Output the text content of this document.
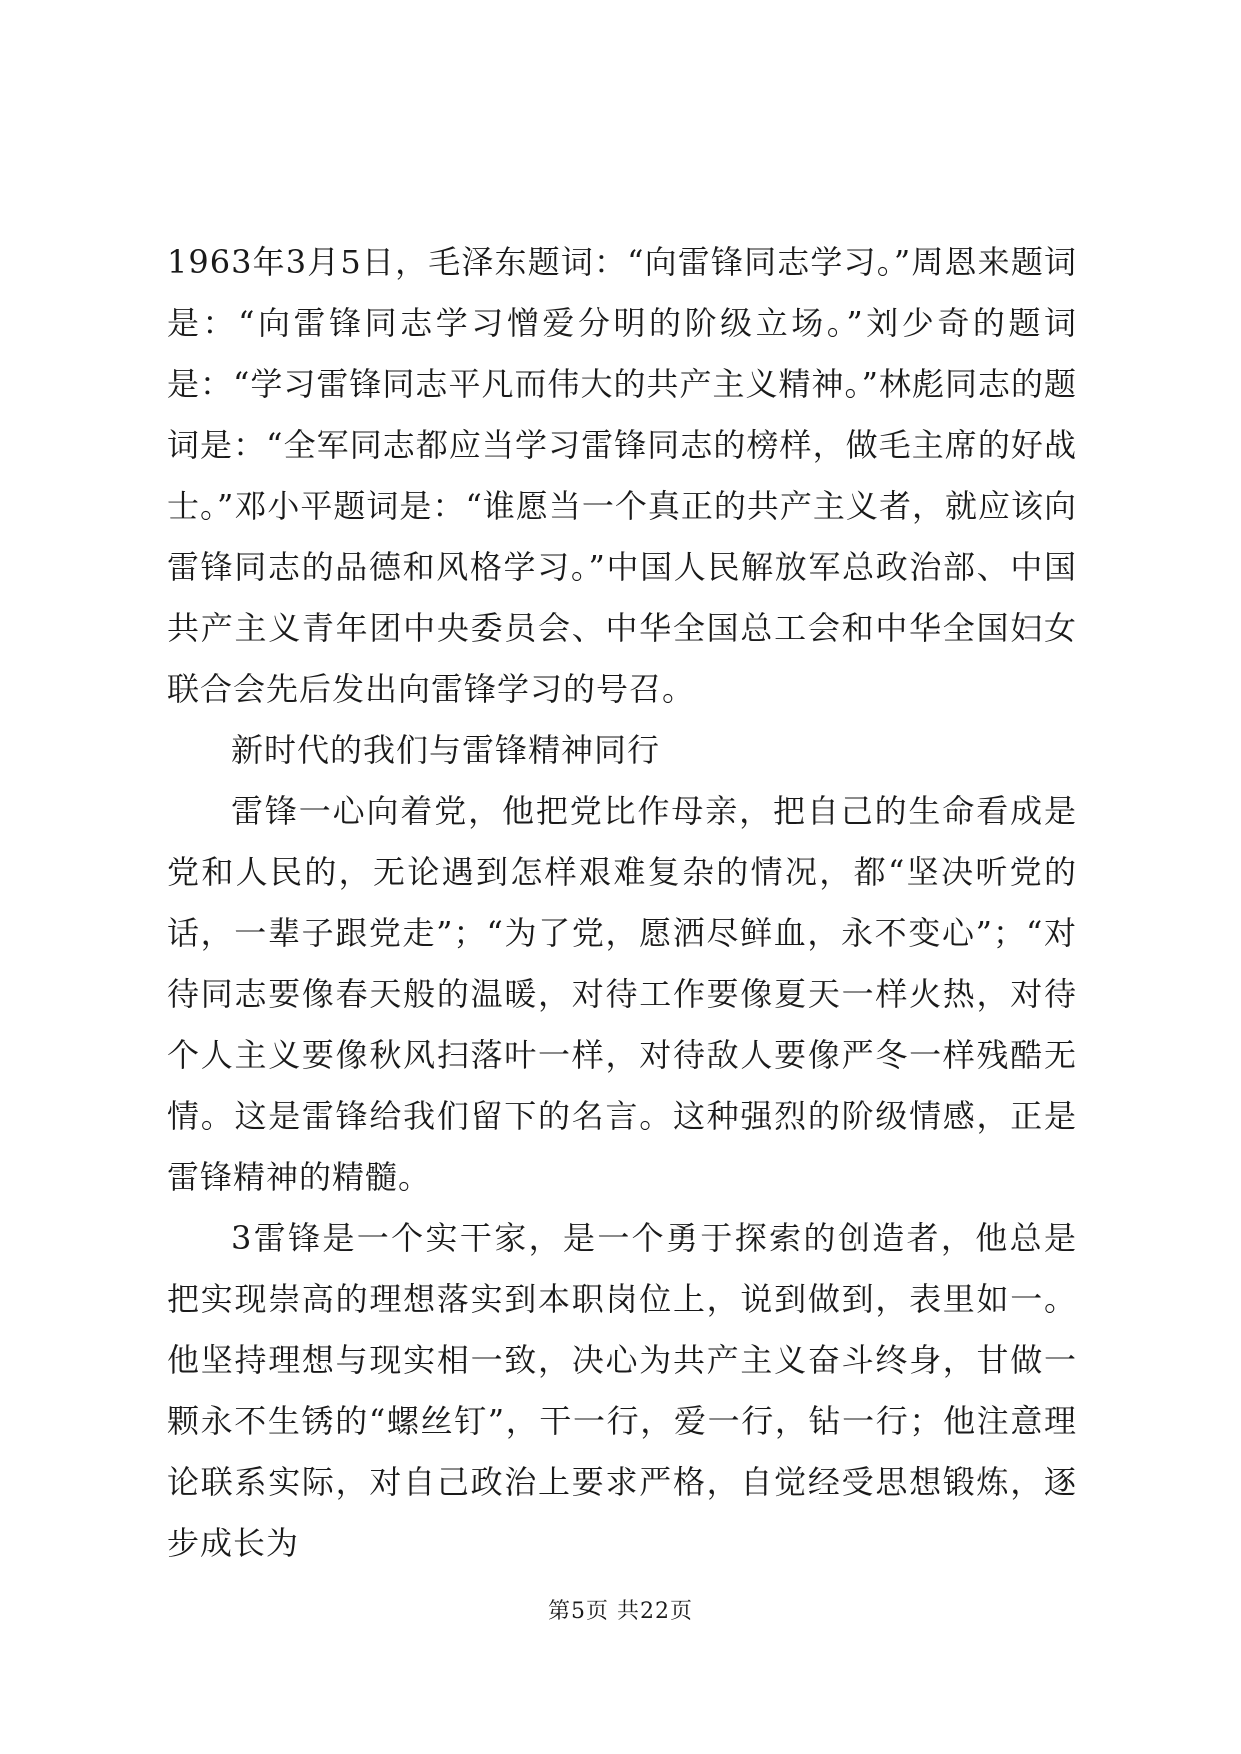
1963年3月5日，毛泽东题词：“向雷锋同志学习。”周恩来题词是：“向雷锋同志学习憎爱分明的阶级立场。”刘少奇的题词是：“学习雷锋同志平凡而伟大的共产主义精神。”林彪同志的题词是：“全军同志都应当学习雷锋同志的榜样，做毛主席的好战士。”邓小平题词是：“谁愿当一个真正的共产主义者，就应该向雷锋同志的品德和风格学习。”中国人民解放军总政治部、中国共产主义青年团中央委员会、中华全国总工会和中华全国妇女联合会先后发出向雷锋学习的号召。

新时代的我们与雷锋精神同行

雷锋一心向着党，他把党比作母亲，把自己的生命看成是党和人民的，无论遇到怎样艰难复杂的情况，都“坚决听党的话，一辈子跟党走”；“为了党，愿洒尽鲜血，永不变心”；“对待同志要像春天般的温暖，对待工作要像夏天一样火热，对待个人主义要像秋风扫落叶一样，对待敌人要像严冬一样残酷无情。这是雷锋给我们留下的名言。这种强烈的阶级情感，正是雷锋精神的精髓。

3雷锋是一个实干家，是一个勇于探索的创造者，他总是把实现崇高的理想落实到本职岗位上，说到做到，表里如一。他坚持理想与现实相一致，决心为共产主义奋斗终身，甘做一颗永不生锈的“螺丝钉”，干一行，爱一行，钻一行；他注意理论联系实际，对自己政治上要求严格，自觉经受思想锻炼，逐步成长为

第5页 共22页
